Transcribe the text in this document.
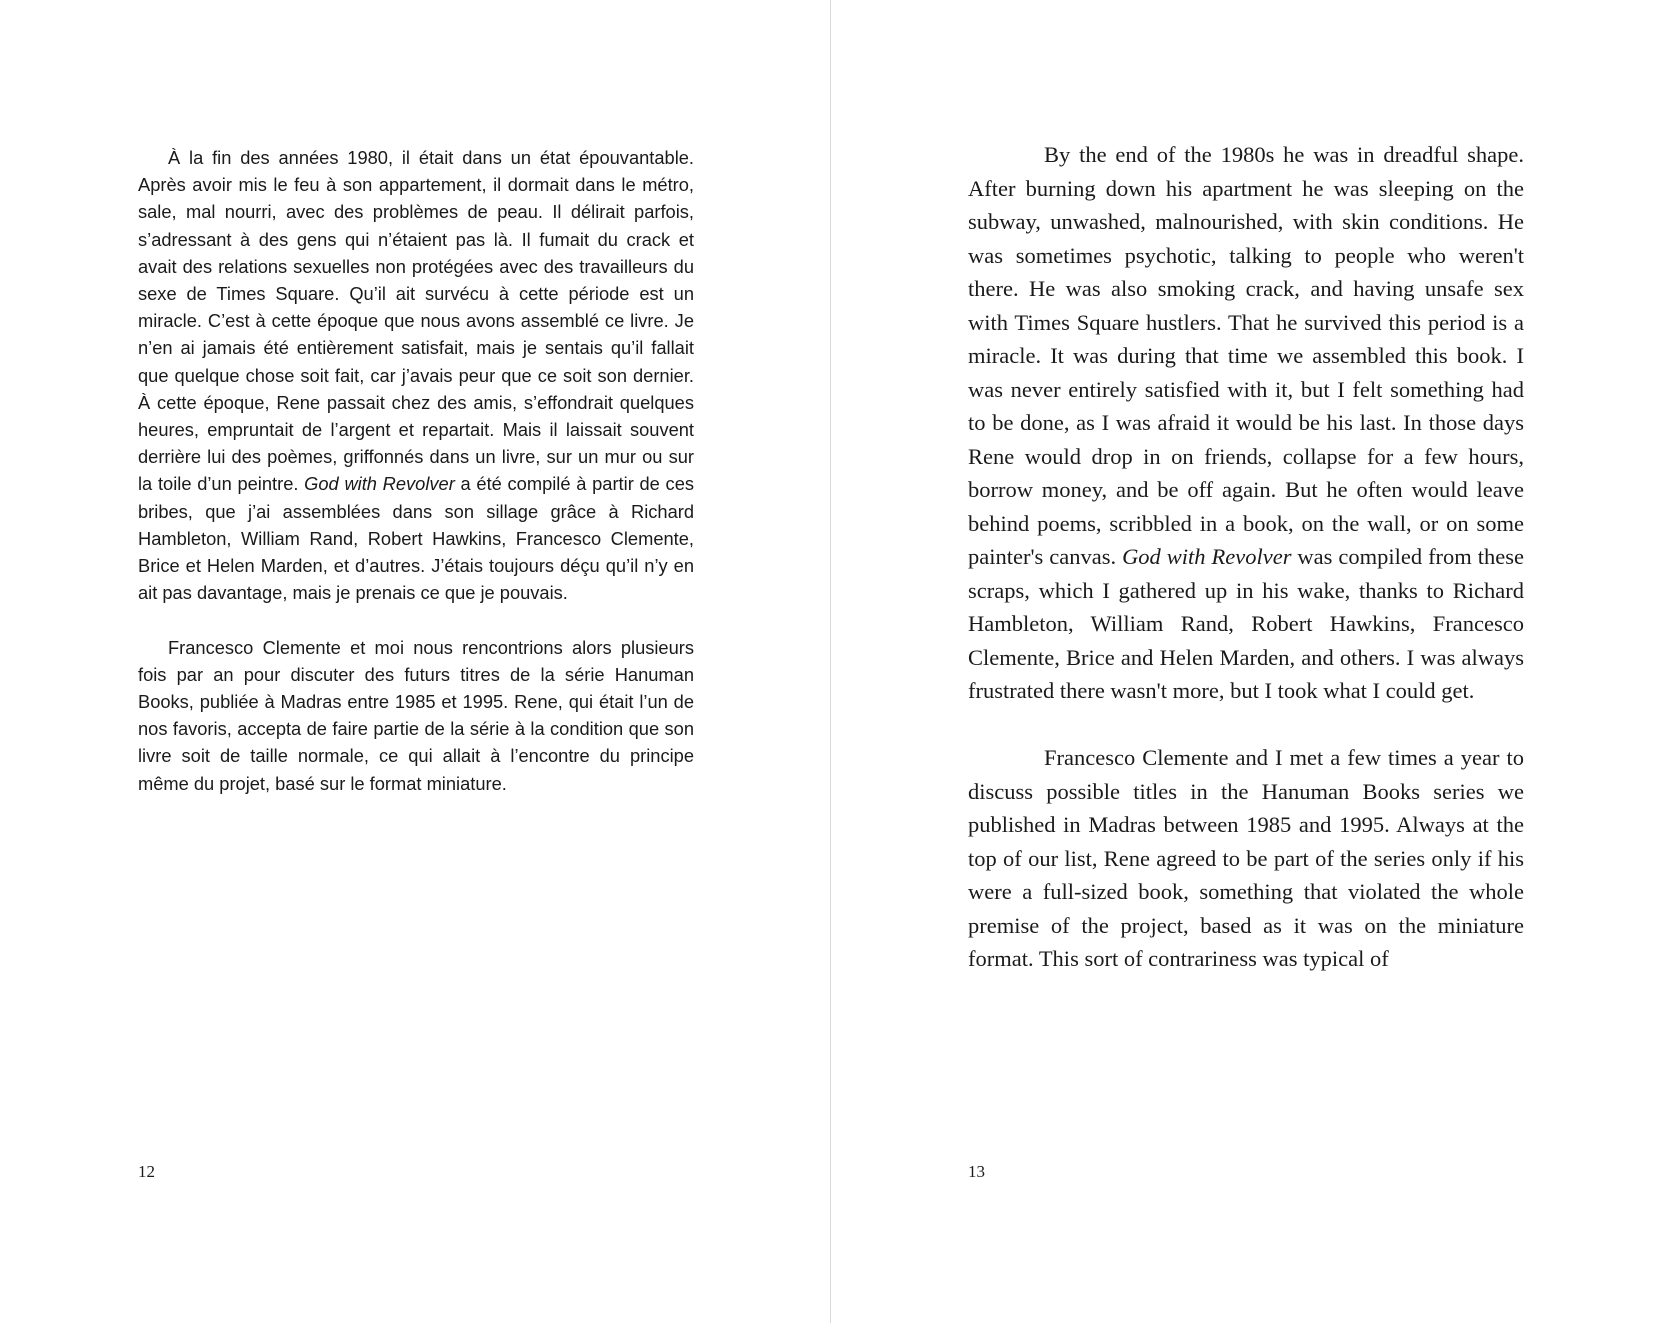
À la fin des années 1980, il était dans un état épouvantable. Après avoir mis le feu à son appartement, il dormait dans le métro, sale, mal nourri, avec des problèmes de peau. Il délirait parfois, s’adressant à des gens qui n’étaient pas là. Il fumait du crack et avait des relations sexuelles non protégées avec des travailleurs du sexe de Times Square. Qu’il ait survécu à cette période est un miracle. C’est à cette époque que nous avons assemblé ce livre. Je n’en ai jamais été entièrement satisfait, mais je sentais qu’il fallait que quelque chose soit fait, car j’avais peur que ce soit son dernier. À cette époque, Rene passait chez des amis, s’effondrait quelques heures, empruntait de l’argent et repartait. Mais il laissait souvent derrière lui des poèmes, griffonnés dans un livre, sur un mur ou sur la toile d’un peintre. God with Revolver a été compilé à partir de ces bribes, que j’ai assemblées dans son sillage grâce à Richard Hambleton, William Rand, Robert Hawkins, Francesco Clemente, Brice et Helen Marden, et d’autres. J’étais toujours déçu qu’il n’y en ait pas davantage, mais je prenais ce que je pouvais.

Francesco Clemente et moi nous rencontrions alors plusieurs fois par an pour discuter des futurs titres de la série Hanuman Books, publiée à Madras entre 1985 et 1995. Rene, qui était l’un de nos favoris, accepta de faire partie de la série à la condition que son livre soit de taille normale, ce qui allait à l’encontre du principe même du projet, basé sur le format miniature.

12

By the end of the 1980s he was in dreadful shape. After burning down his apartment he was sleeping on the subway, unwashed, malnourished, with skin conditions. He was sometimes psychotic, talking to people who weren't there. He was also smoking crack, and having unsafe sex with Times Square hustlers. That he survived this period is a miracle. It was during that time we assembled this book. I was never entirely satisfied with it, but I felt something had to be done, as I was afraid it would be his last. In those days Rene would drop in on friends, collapse for a few hours, borrow money, and be off again. But he often would leave behind poems, scribbled in a book, on the wall, or on some painter's canvas. God with Revolver was compiled from these scraps, which I gathered up in his wake, thanks to Richard Hambleton, William Rand, Robert Hawkins, Francesco Clemente, Brice and Helen Marden, and others. I was always frustrated there wasn't more, but I took what I could get.

Francesco Clemente and I met a few times a year to discuss possible titles in the Hanuman Books series we published in Madras between 1985 and 1995. Always at the top of our list, Rene agreed to be part of the series only if his were a full-sized book, something that violated the whole premise of the project, based as it was on the miniature format. This sort of contrariness was typical of

13
